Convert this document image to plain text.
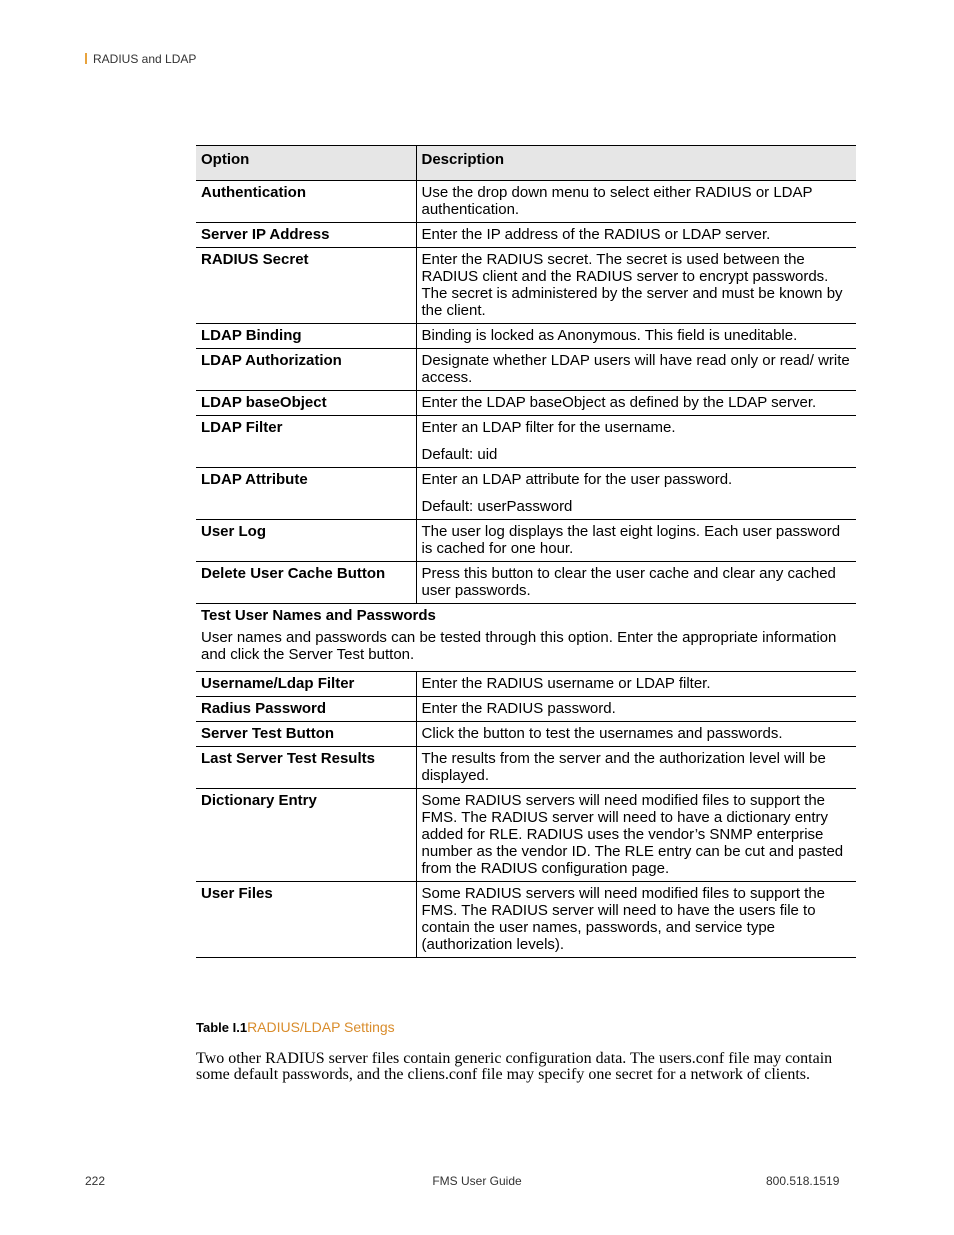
RADIUS and LDAP
Option	Description
Authentication	Use the drop down menu to select either RADIUS or LDAP authentication.
Server IP Address	Enter the IP address of the RADIUS or LDAP server.
RADIUS Secret	Enter the RADIUS secret. The secret is used between the RADIUS client and the RADIUS server to encrypt passwords. The secret is administered by the server and must be known by the client.
LDAP Binding	Binding is locked as Anonymous. This field is uneditable.
LDAP Authorization	Designate whether LDAP users will have read only or read/ write access.
LDAP baseObject	Enter the LDAP baseObject as defined by the LDAP server.
LDAP Filter	Enter an LDAP filter for the username.
Default: uid
LDAP Attribute	Enter an LDAP attribute for the user password.
Default: userPassword
User Log	The user log displays the last eight logins. Each user password is cached for one hour.
Delete User Cache Button	Press this button to clear the user cache and clear any cached user passwords.

Test User Names and Passwords
User names and passwords can be tested through this option. Enter the appropriate information and click the Server Test button.	
Username/Ldap Filter	Enter the RADIUS username or LDAP filter.
Radius Password	Enter the RADIUS password.
Server Test Button	Click the button to test the usernames and passwords.
Last Server Test Results	The results from the server and the authorization level will be displayed.
Dictionary Entry	Some RADIUS servers will need modified files to support the FMS. The RADIUS server will need to have a dictionary entry added for RLE. RADIUS uses the vendor’s SNMP enterprise number as the vendor ID. The RLE entry can be cut and pasted from the RADIUS configuration page.
User Files	Some RADIUS servers will need modified files to support the FMS. The RADIUS server will need to have the users file to contain the user names, passwords, and service type (authorization levels).
Table I.1RADIUS/LDAP Settings
Two other RADIUS server files contain generic configuration data. The users.conf file may contain some default passwords, and the cliens.conf file may specify one secret for a network of clients.
222	FMS User Guide	800.518.1519
